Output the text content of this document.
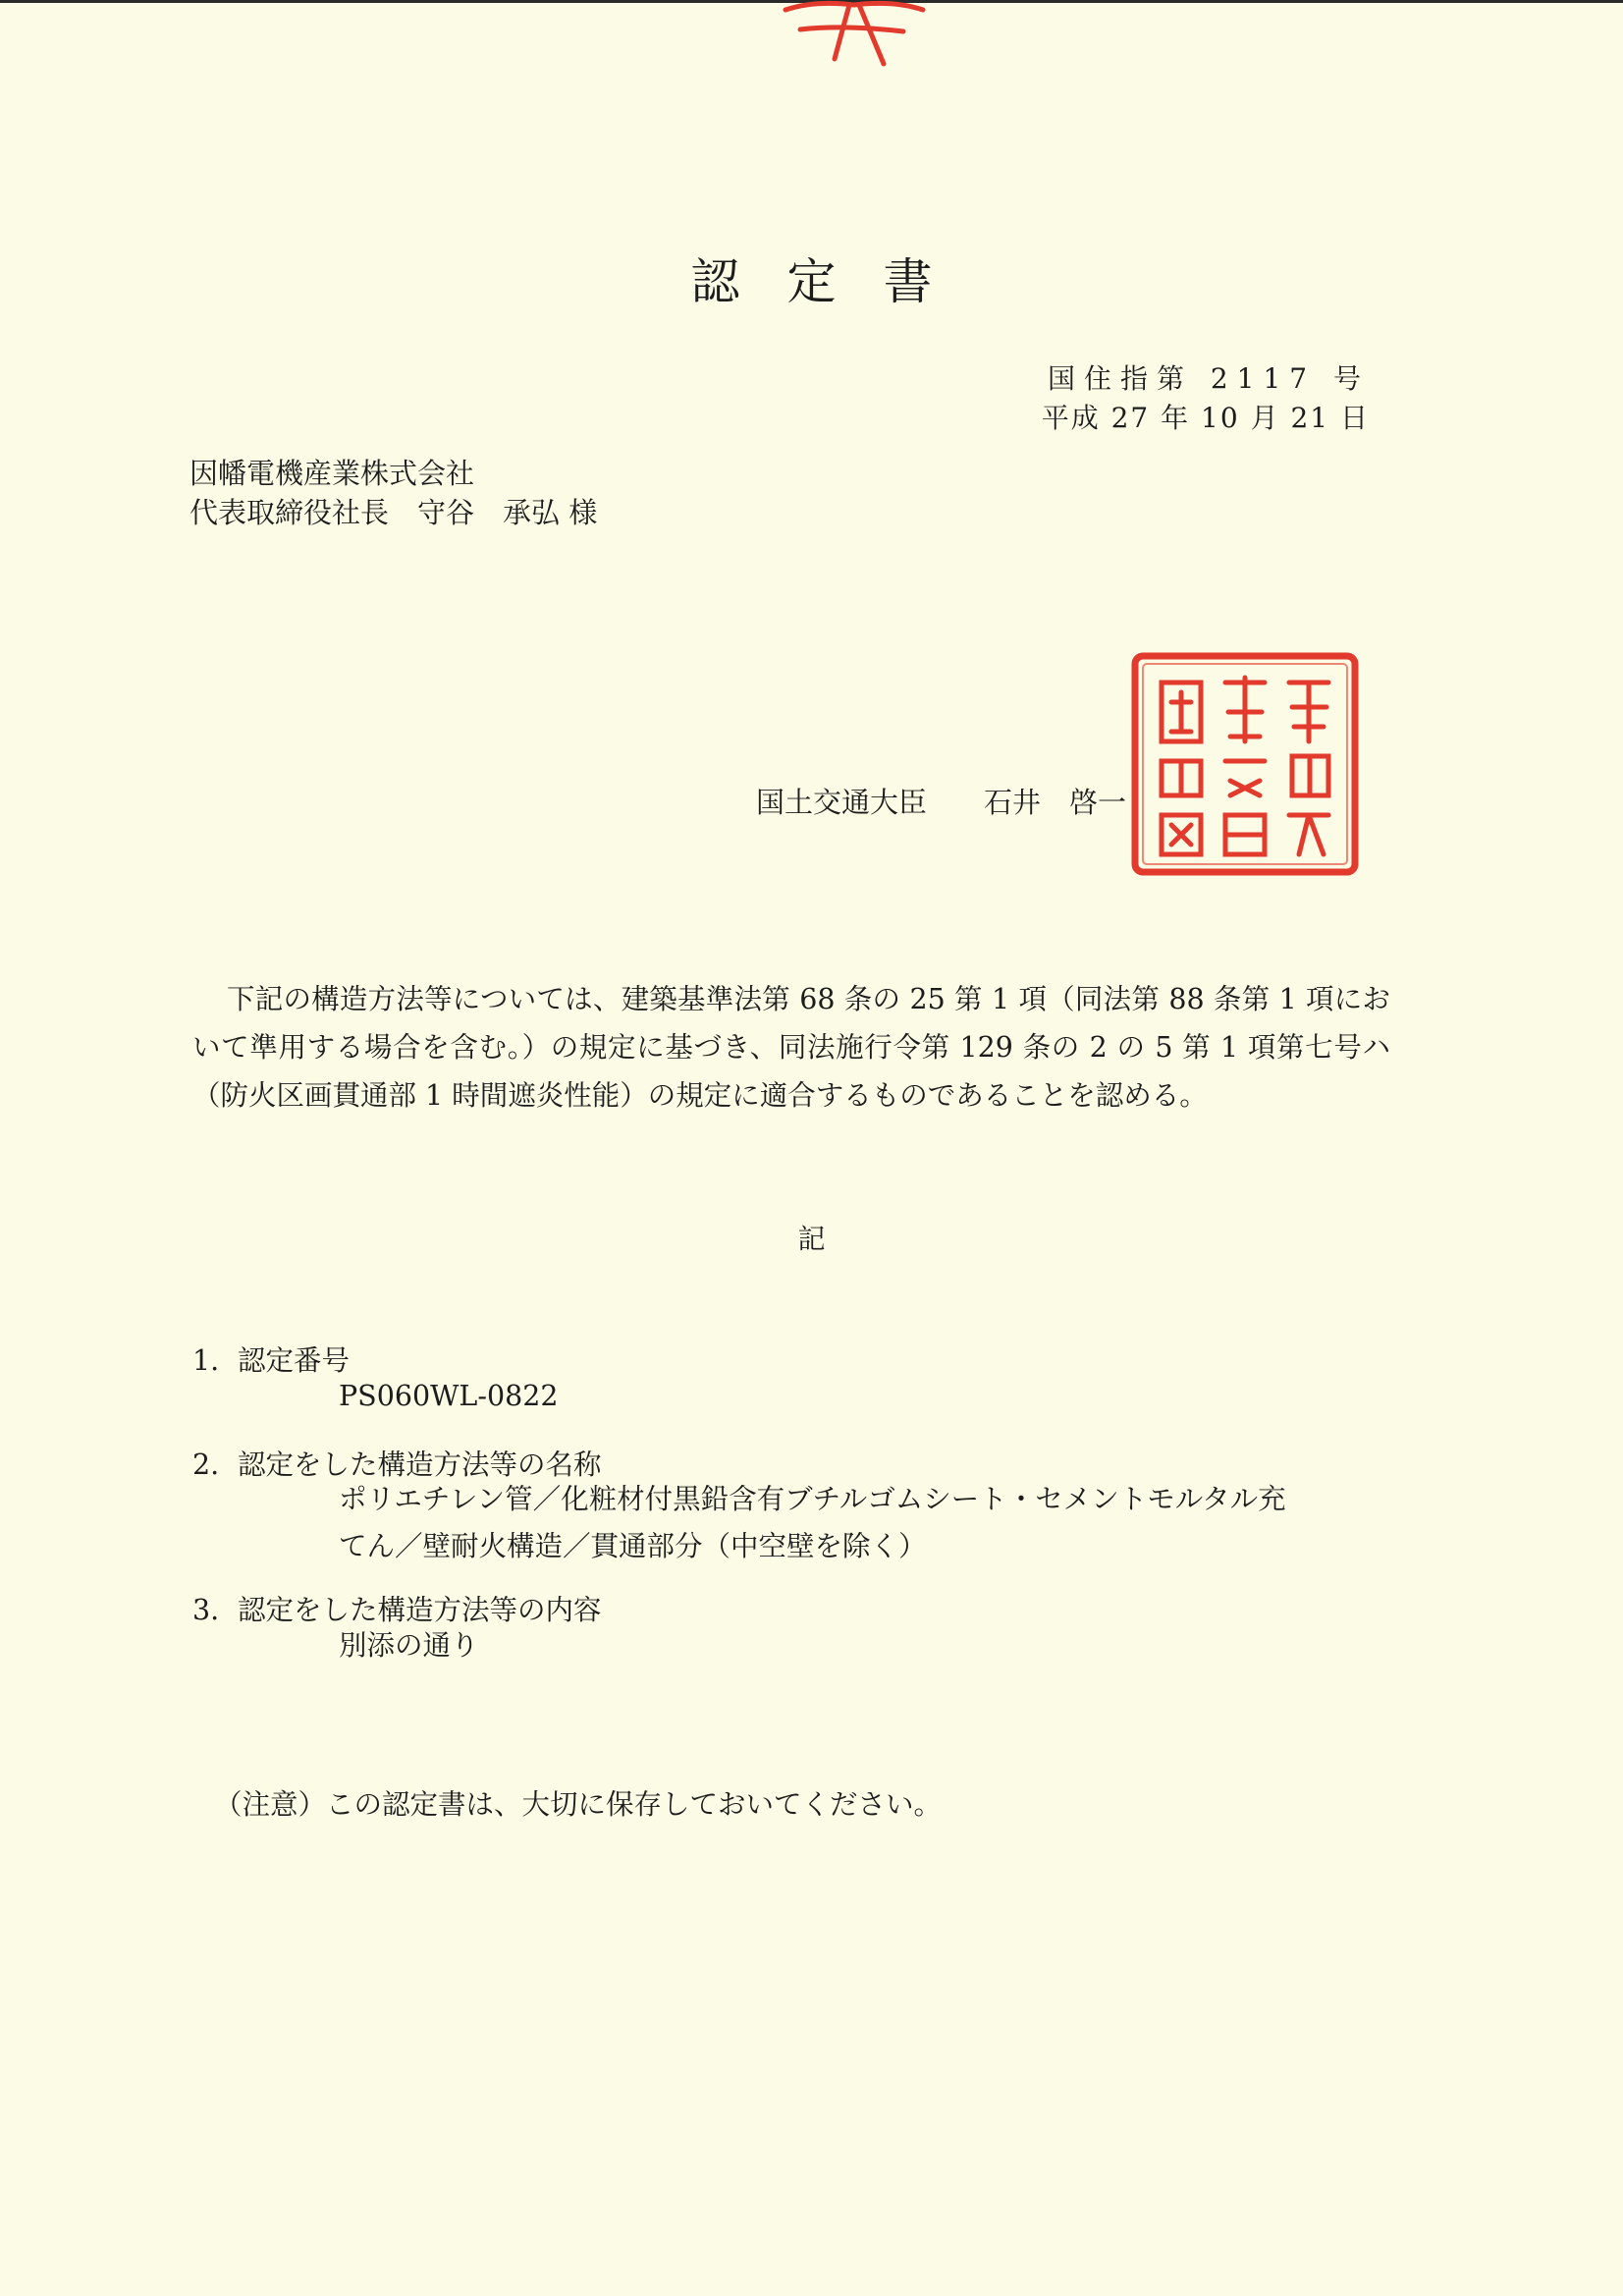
認定書
国住指第 2117 号
平成 27 年 10 月 21 日
因幡電機産業株式会社
代表取締役社長　守谷　承弘 様
国土交通大臣　　石井　啓一
下記の構造方法等については、建築基準法第 68 条の 25 第 1 項（同法第 88 条第 1 項において準用する場合を含む。）の規定に基づき、同法施行令第 129 条の 2 の 5 第 1 項第七号ハ（防火区画貫通部 1 時間遮炎性能）の規定に適合するものであることを認める。
記
1. 認定番号
PS060WL-0822
2. 認定をした構造方法等の名称
ポリエチレン管／化粧材付黒鉛含有ブチルゴムシート・セメントモルタル充
てん／壁耐火構造／貫通部分（中空壁を除く）
3. 認定をした構造方法等の内容
別添の通り
（注意）この認定書は、大切に保存しておいてください。
